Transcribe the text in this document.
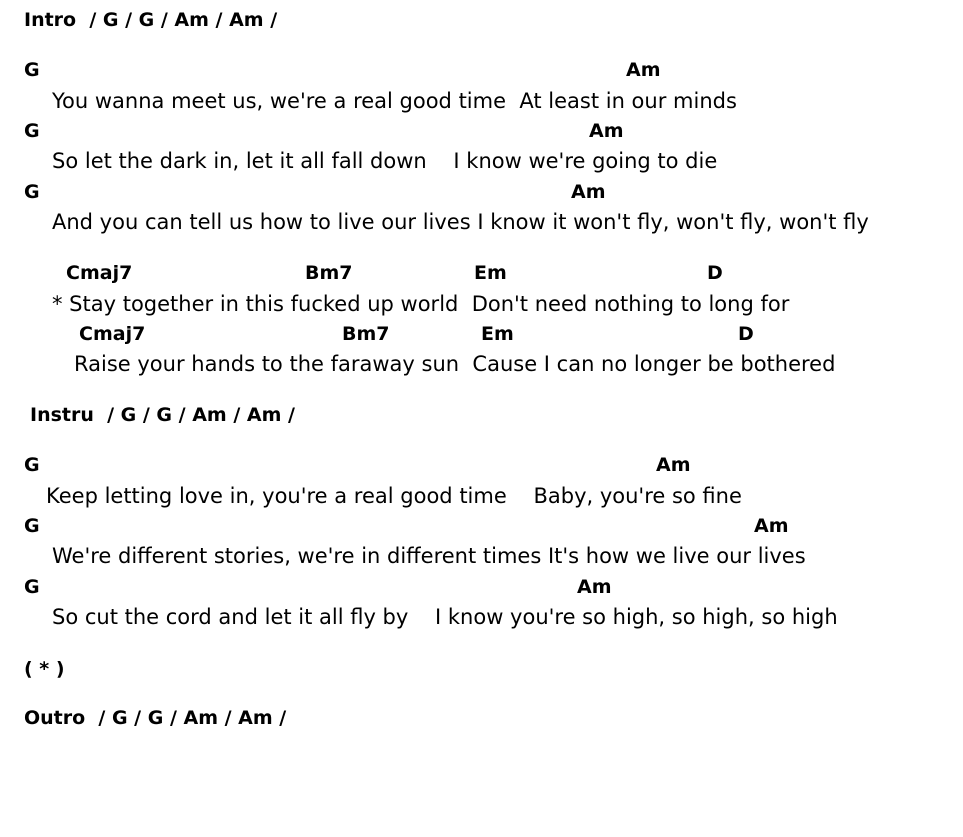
Intro  / G / G / Am / Am /
G	Am
You wanna meet us, we're a real good time  At least in our minds
G	Am
So let the dark in, let it all fall down    I know we're going to die
G	Am
And you can tell us how to live our lives I know it won't fly, won't fly, won't fly
Cmaj7	Bm7	Em	D
* Stay together in this fucked up world  Don't need nothing to long for
Cmaj7	Bm7	Em	D
Raise your hands to the faraway sun  Cause I can no longer be bothered
Instru  / G / G / Am / Am /
G	Am
Keep letting love in, you're a real good time    Baby, you're so fine
G	Am
We're different stories, we're in different times It's how we live our lives
G	Am
So cut the cord and let it all fly by    I know you're so high, so high, so high
( * )
Outro  / G / G / Am / Am /
